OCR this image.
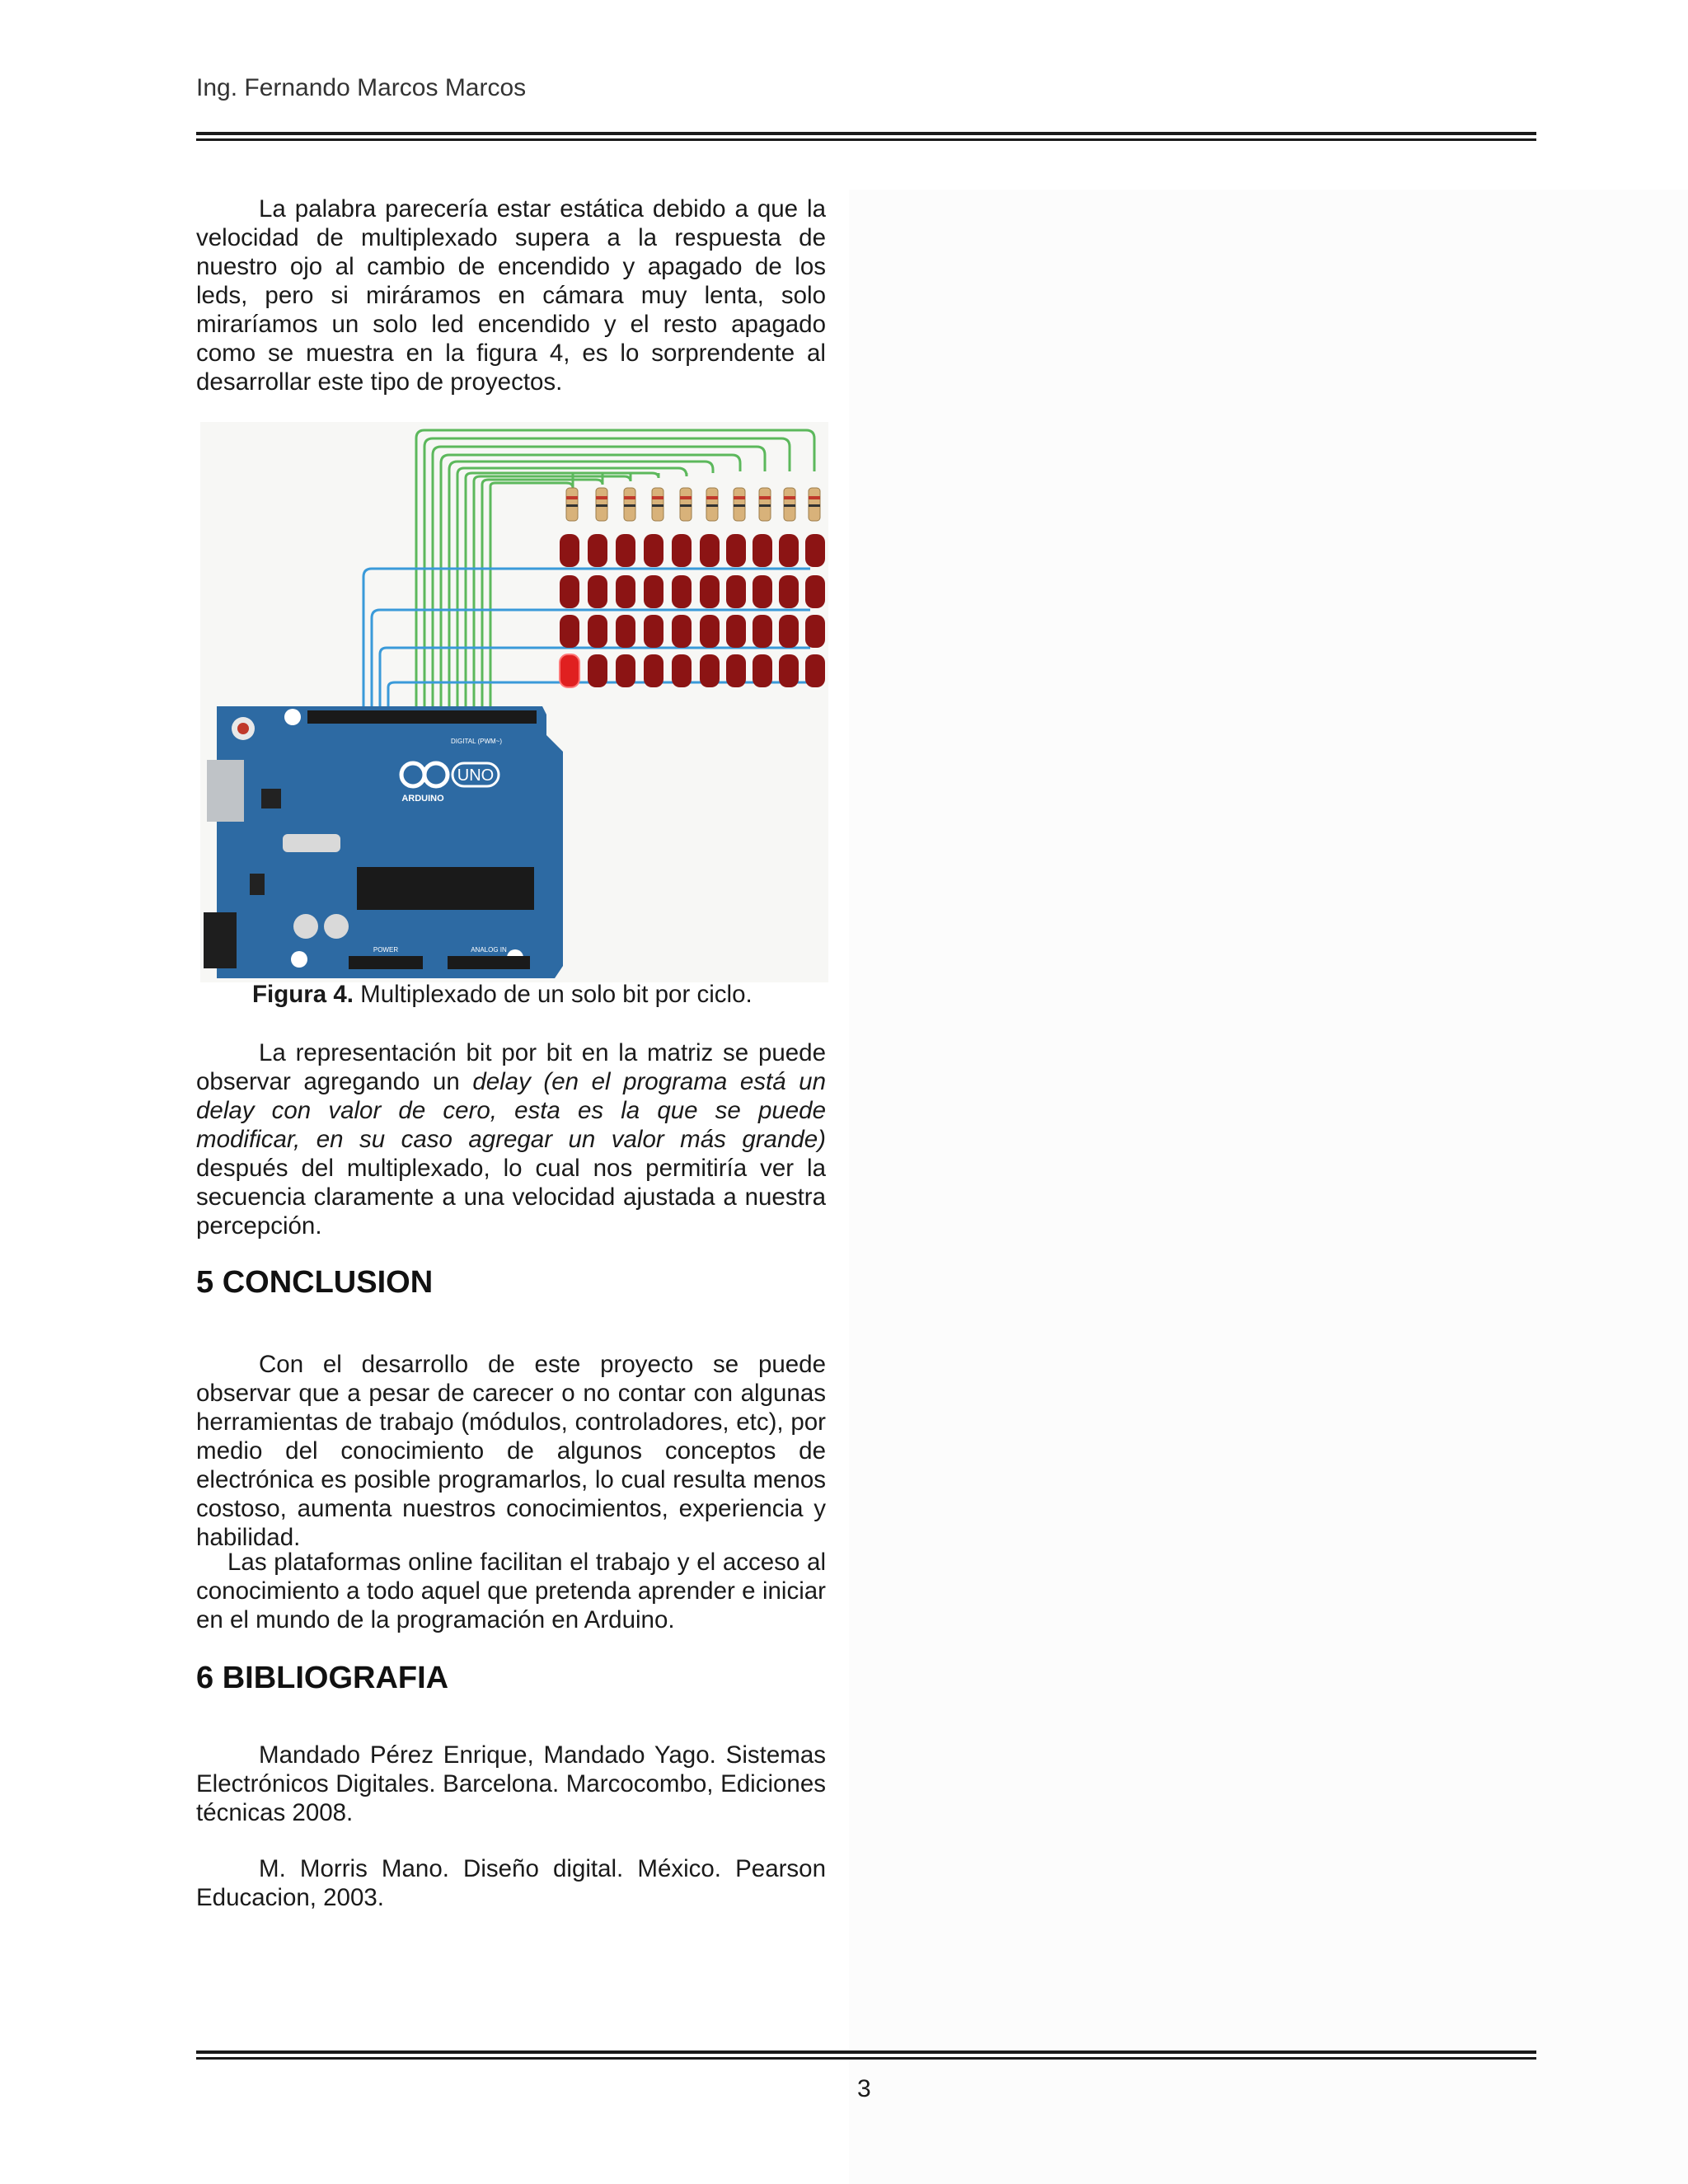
Ing. Fernando Marcos Marcos
La palabra parecería estar estática debido a que la velocidad de multiplexado supera a la respuesta de nuestro ojo al cambio de encendido y apagado de los leds, pero si miráramos en cámara muy lenta, solo miraríamos un solo led encendido y el resto apagado como se muestra en la figura 4, es lo sorprendente al desarrollar este tipo de proyectos.
UNO
ARDUINO
DIGITAL (PWM~)
POWER	ANALOG IN
Figura 4. Multiplexado de un solo bit por ciclo.
La representación bit por bit en la matriz se puede observar agregando un delay (en el programa está un delay con valor de cero, esta es la que se puede modificar, en su caso agregar un valor más grande) después del multiplexado, lo cual nos permitiría ver la secuencia claramente a una velocidad ajustada a nuestra percepción.
5 CONCLUSION
Con el desarrollo de este proyecto se puede observar que a pesar de carecer o no contar con algunas herramientas de trabajo (módulos, controladores, etc), por medio del conocimiento de algunos conceptos de electrónica es posible programarlos, lo cual resulta menos costoso, aumenta nuestros conocimientos, experiencia y habilidad.
Las plataformas online facilitan el trabajo y el acceso al conocimiento a todo aquel que pretenda aprender e iniciar en el mundo de la programación en Arduino.
6 BIBLIOGRAFIA
Mandado Pérez Enrique, Mandado Yago. Sistemas Electrónicos Digitales. Barcelona. Marcocombo, Ediciones técnicas 2008.
M. Morris Mano. Diseño digital. México. Pearson Educacion, 2003.
3
